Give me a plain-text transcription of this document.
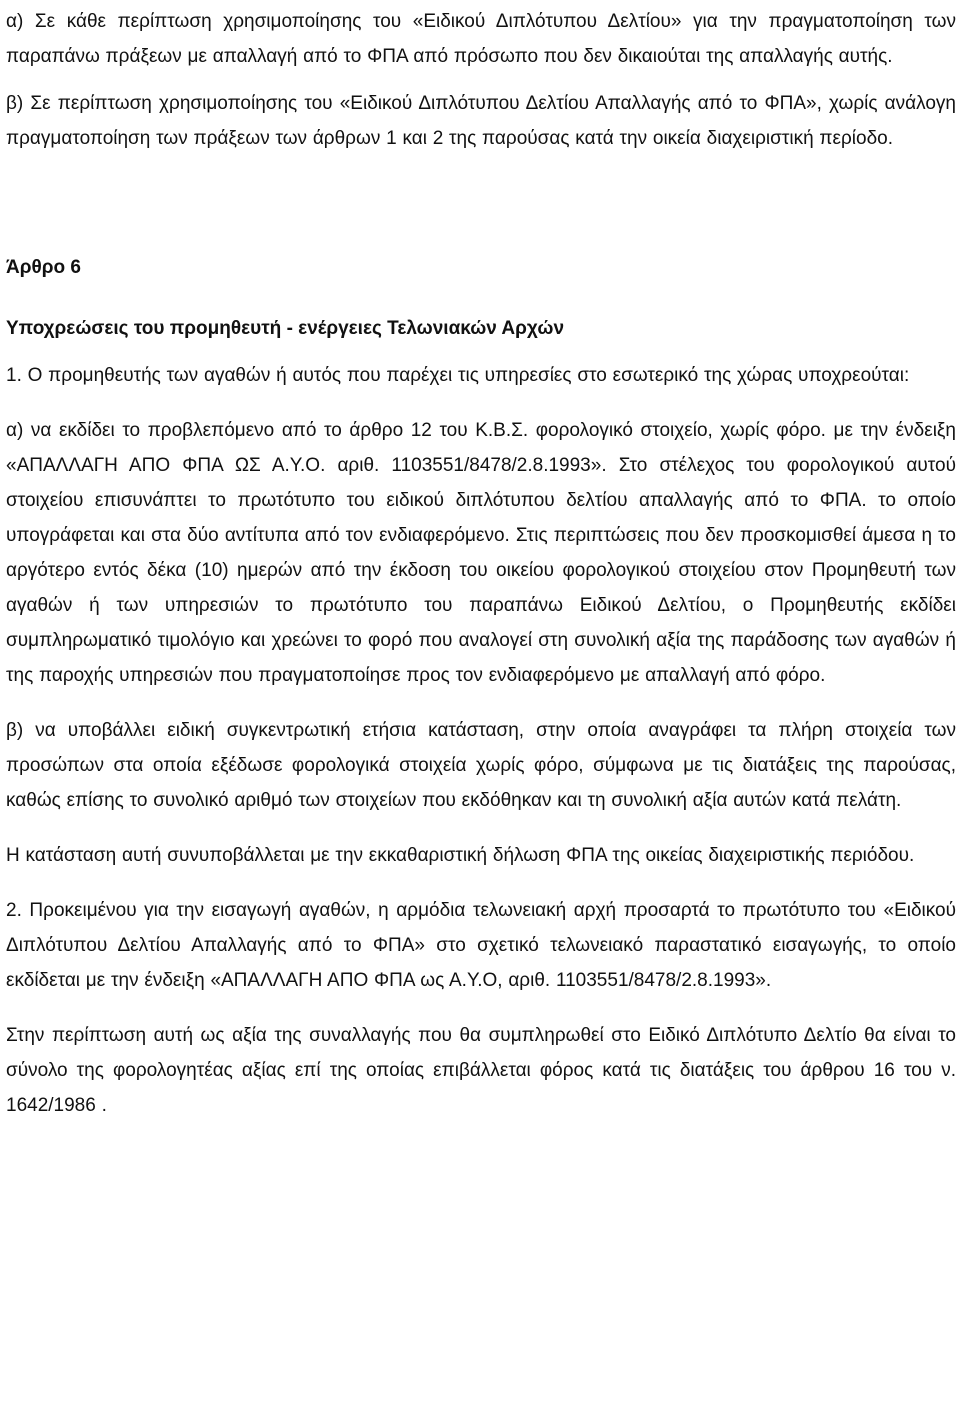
α) Σε κάθε περίπτωση χρησιμοποίησης του «Ειδικού Διπλότυπου Δελτίου» για την πραγματοποίηση των παραπάνω πράξεων με απαλλαγή από το ΦΠΑ από πρόσωπο που δεν δικαιούται της απαλλαγής αυτής.

β) Σε περίπτωση χρησιμοποίησης του «Ειδικού Διπλότυπου Δελτίου Απαλλαγής από το ΦΠΑ», χωρίς ανάλογη πραγματοποίηση των πράξεων των άρθρων 1 και 2 της παρούσας κατά την οικεία διαχειριστική περίοδο.

Άρθρο 6
Υποχρεώσεις του προμηθευτή - ενέργειες Τελωνιακών Αρχών

1. Ο προμηθευτής των αγαθών ή αυτός που παρέχει τις υπηρεσίες στο εσωτερικό της χώρας υποχρεούται:

α) να εκδίδει το προβλεπόμενο από το άρθρο 12 του Κ.Β.Σ. φορολογικό στοιχείο, χωρίς φόρο. με την ένδειξη «ΑΠΑΛΛΑΓΗ ΑΠΟ ΦΠΑ ΩΣ Α.Υ.Ο. αριθ. 1103551/8478/2.8.1993». Στο στέλεχος του φορολογικού αυτού στοιχείου επισυνάπτει το πρωτότυπο του ειδικού διπλότυπου δελτίου απαλλαγής από το ΦΠΑ. το οποίο υπογράφεται και στα δύο αντίτυπα από τον ενδιαφερόμενο. Στις περιπτώσεις που δεν προσκομισθεί άμεσα η το αργότερο εντός δέκα (10) ημερών από την έκδοση του οικείου φορολογικού στοιχείου στον Προμηθευτή των αγαθών ή των υπηρεσιών το πρωτότυπο του παραπάνω Ειδικού Δελτίου, ο Προμηθευτής εκδίδει συμπληρωματικό τιμολόγιο και χρεώνει το φορό που αναλογεί στη συνολική αξία της παράδοσης των αγαθών ή της παροχής υπηρεσιών που πραγματοποίησε προς τον ενδιαφερόμενο με απαλλαγή από φόρο.

β) να υποβάλλει ειδική συγκεντρωτική ετήσια κατάσταση, στην οποία αναγράφει τα πλήρη στοιχεία των προσώπων στα οποία εξέδωσε φορολογικά στοιχεία χωρίς φόρο, σύμφωνα με τις διατάξεις της παρούσας, καθώς επίσης το συνολικό αριθμό των στοιχείων που εκδόθηκαν και τη συνολική αξία αυτών κατά πελάτη.

Η κατάσταση αυτή συνυποβάλλεται με την εκκαθαριστική δήλωση ΦΠΑ της οικείας διαχειριστικής περιόδου.

2. Προκειμένου για την εισαγωγή αγαθών, η αρμόδια τελωνειακή αρχή προσαρτά το πρωτότυπο του «Ειδικού Διπλότυπου Δελτίου Απαλλαγής από το ΦΠΑ» στο σχετικό τελωνειακό παραστατικό εισαγωγής, το οποίο εκδίδεται με την ένδειξη «ΑΠΑΛΛΑΓΗ ΑΠΟ ΦΠΑ ως Α.Υ.Ο, αριθ. 1103551/8478/2.8.1993».

Στην περίπτωση αυτή ως αξία της συναλλαγής που θα συμπληρωθεί στο Ειδικό Διπλότυπο Δελτίο θα είναι το σύνολο της φορολογητέας αξίας επί της οποίας επιβάλλεται φόρος κατά τις διατάξεις του άρθρου 16 του ν. 1642/1986 .
